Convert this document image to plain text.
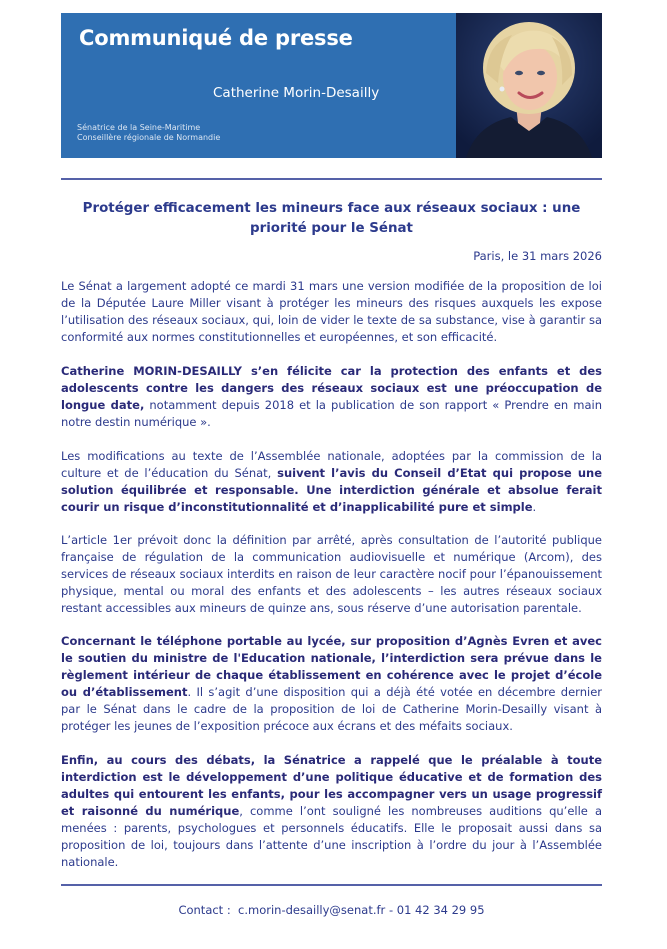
Communiqué de presse
Catherine Morin-Desailly
Sénatrice de la Seine-Maritime
Conseillère régionale de Normandie
Protéger efficacement les mineurs face aux réseaux sociaux : une priorité pour le Sénat
Paris, le 31 mars 2026

Le Sénat a largement adopté ce mardi 31 mars une version modifiée de la proposition de loi de la Députée Laure Miller visant à protéger les mineurs des risques auxquels les expose l’utilisation des réseaux sociaux, qui, loin de vider le texte de sa substance, vise à garantir sa conformité aux normes constitutionnelles et européennes, et son efficacité.

Catherine MORIN-DESAILLY s’en félicite car la protection des enfants et des adolescents contre les dangers des réseaux sociaux est une préoccupation de longue date, notamment depuis 2018 et la publication de son rapport « Prendre en main notre destin numérique ».

Les modifications au texte de l’Assemblée nationale, adoptées par la commission de la culture et de l’éducation du Sénat, suivent l’avis du Conseil d’Etat qui propose une solution équilibrée et responsable. Une interdiction générale et absolue ferait courir un risque d’inconstitutionnalité et d’inapplicabilité pure et simple.

L’article 1er prévoit donc la définition par arrêté, après consultation de l’autorité publique française de régulation de la communication audiovisuelle et numérique (Arcom), des services de réseaux sociaux interdits en raison de leur caractère nocif pour l’épanouissement physique, mental ou moral des enfants et des adolescents – les autres réseaux sociaux restant accessibles aux mineurs de quinze ans, sous réserve d’une autorisation parentale.

Concernant le téléphone portable au lycée, sur proposition d’Agnès Evren et avec le soutien du ministre de l'Education nationale, l’interdiction sera prévue dans le règlement intérieur de chaque établissement en cohérence avec le projet d’école ou d’établissement. Il s’agit d’une disposition qui a déjà été votée en décembre dernier par le Sénat dans le cadre de la proposition de loi de Catherine Morin-Desailly visant à protéger les jeunes de l’exposition précoce aux écrans et des méfaits sociaux.

Enfin, au cours des débats, la Sénatrice a rappelé que le préalable à toute interdiction est le développement d’une politique éducative et de formation des adultes qui entourent les enfants, pour les accompagner vers un usage progressif et raisonné du numérique, comme l’ont souligné les nombreuses auditions qu’elle a menées : parents, psychologues et personnels éducatifs. Elle le proposait aussi dans sa proposition de loi, toujours dans l’attente d’une inscription à l’ordre du jour à l’Assemblée nationale.

Contact : c.morin-desailly@senat.fr - 01 42 34 29 95
